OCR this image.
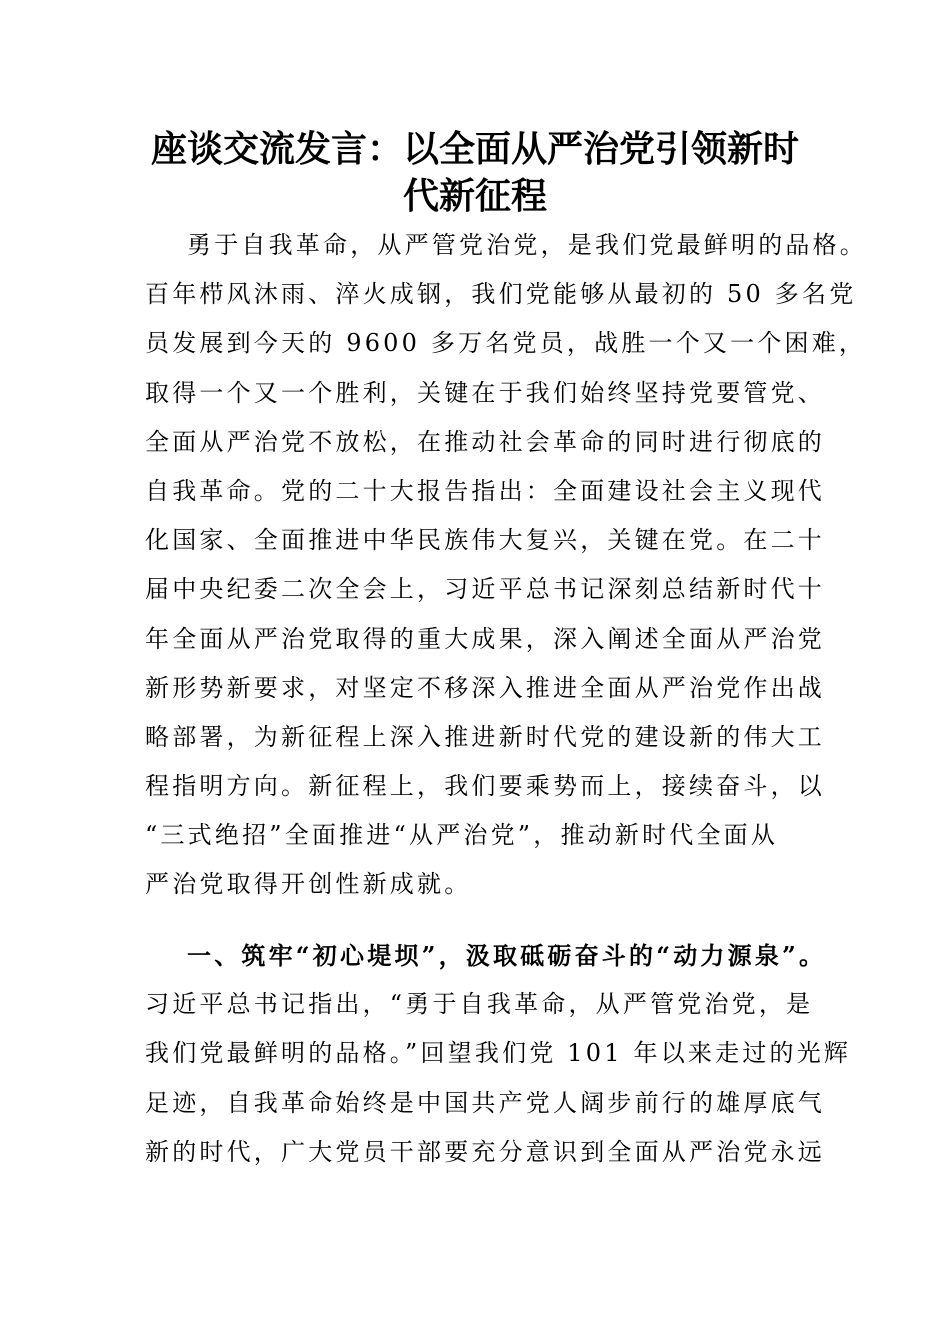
座谈交流发言：以全面从严治党引领新时
代新征程
勇于自我革命，从严管党治党，是我们党最鲜明的品格。
百年栉风沐雨、淬火成钢，我们党能够从最初的 50 多名党
员发展到今天的 9600 多万名党员，战胜一个又一个困难，
取得一个又一个胜利，关键在于我们始终坚持党要管党、
全面从严治党不放松，在推动社会革命的同时进行彻底的
自我革命。党的二十大报告指出：全面建设社会主义现代
化国家、全面推进中华民族伟大复兴，关键在党。在二十
届中央纪委二次全会上，习近平总书记深刻总结新时代十
年全面从严治党取得的重大成果，深入阐述全面从严治党
新形势新要求，对坚定不移深入推进全面从严治党作出战
略部署，为新征程上深入推进新时代党的建设新的伟大工
程指明方向。新征程上，我们要乘势而上，接续奋斗，以
“三式绝招”全面推进“从严治党”，推动新时代全面从
严治党取得开创性新成就。
一、筑牢“初心堤坝”，汲取砥砺奋斗的“动力源泉”。
习近平总书记指出，“勇于自我革命，从严管党治党，是
我们党最鲜明的品格。”回望我们党 101 年以来走过的光辉
足迹，自我革命始终是中国共产党人阔步前行的雄厚底气
新的时代，广大党员干部要充分意识到全面从严治党永远
